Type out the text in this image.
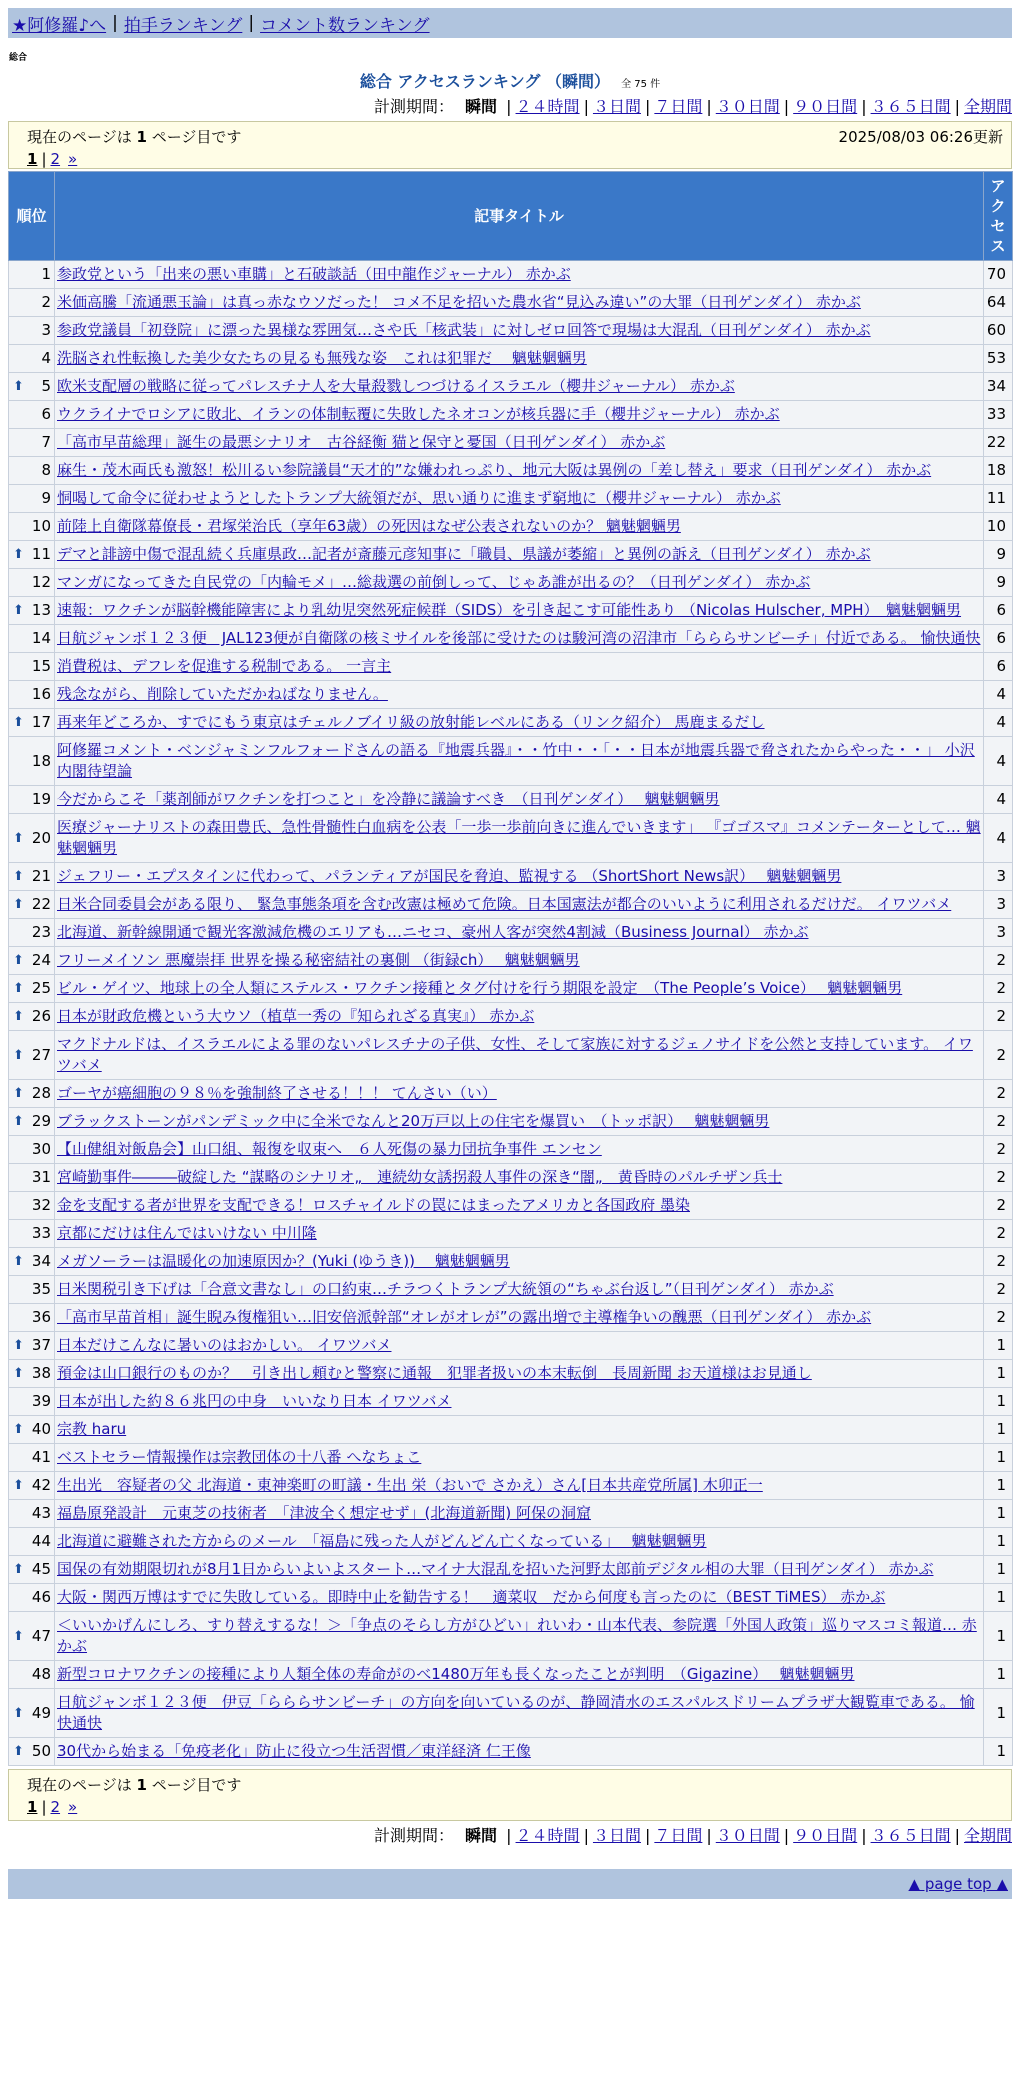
★阿修羅♪へ | 拍手ランキング | コメント数ランキング
総合
総合 アクセスランキング （瞬間） 全 75 件
計測期間： 瞬間 | ２４時間 | ３日間 | ７日間 | ３０日間 | ９０日間 | ３６５日間 | 全期間
現在のページは 1 ページ目です	2025/08/03 06:26更新
1 | 2 »
順位	記事タイトル	アクセス
1	参政党という「出来の悪い車購」と石破談話（田中龍作ジャーナル） 赤かぶ	70
2	米価高騰「流通悪玉論」は真っ赤なウソだった！ コメ不足を招いた農水省“見込み違い”の大罪（日刊ゲンダイ） 赤かぶ	64
3	参政党議員「初登院」に漂った異様な雰囲気…さや氏「核武装」に対しゼロ回答で現場は大混乱（日刊ゲンダイ） 赤かぶ	60
4	洗脳され性転換した美少女たちの見るも無残な姿　これは犯罪だ　 魑魅魍魎男	53

⬆ 5	欧米支配層の戦略に従ってパレスチナ人を大量殺戮しつづけるイスラエル（櫻井ジャーナル） 赤かぶ	34
6	ウクライナでロシアに敗北、イランの体制転覆に失敗したネオコンが核兵器に手（櫻井ジャーナル） 赤かぶ	33
7	「高市早苗総理」誕生の最悪シナリオ　古谷経衡 猫と保守と憂国（日刊ゲンダイ） 赤かぶ	22
8	麻生・茂木両氏も激怒！松川るい参院議員“天才的”な嫌われっぷり、地元大阪は異例の「差し替え」要求（日刊ゲンダイ） 赤かぶ	18
9	恫喝して命令に従わせようとしたトランプ大統領だが、思い通りに進まず窮地に（櫻井ジャーナル） 赤かぶ	11
10	前陸上自衛隊幕僚長・君塚栄治氏（享年63歳）の死因はなぜ公表されないのか？ 魑魅魍魎男	10

⬆ 11	デマと誹謗中傷で混乱続く兵庫県政…記者が斎藤元彦知事に「職員、県議が萎縮」と異例の訴え（日刊ゲンダイ） 赤かぶ	9
12	マンガになってきた自民党の「内輪モメ」…総裁選の前倒しって、じゃあ誰が出るの？（日刊ゲンダイ） 赤かぶ	9

⬆ 13	速報：ワクチンが脳幹機能障害により乳幼児突然死症候群（SIDS）を引き起こす可能性あり （Nicolas Hulscher, MPH）　魑魅魍魎男	6
14	日航ジャンボ１２３便　JAL123便が自衛隊の核ミサイルを後部に受けたのは駿河湾の沼津市「らららサンビーチ」付近である。 愉快通快	6
15	消費税は、デフレを促進する税制である。 一言主	6
16	残念ながら、削除していただかねばなりません。	4

⬆ 17	再来年どころか、すでにもう東京はチェルノブイリ級の放射能レベルにある（リンク紹介） 馬鹿まるだし	4
18	阿修羅コメント・ベンジャミンフルフォードさんの語る『地震兵器』・・竹中・・「・・日本が地震兵器で脅されたからやった・・」 小沢内閣待望論	4
19	今だからこそ「薬剤師がワクチンを打つこと」を冷静に議論すべき　（日刊ゲンダイ）　 魑魅魍魎男	4

⬆ 20	医療ジャーナリストの森田豊氏、急性骨髄性白血病を公表「一歩一歩前向きに進んでいきます」 『ゴゴスマ』コメンテーターとして… 魑魅魍魎男	4

⬆ 21	ジェフリー・エプスタインに代わって、パランティアが国民を脅迫、監視する （ShortShort News訳）　 魑魅魍魎男	3

⬆ 22	日米合同委員会がある限り、 緊急事態条項を含む改憲は極めて危険。日本国憲法が都合のいいように利用されるだけだ。 イワツバメ	3
23	北海道、新幹線開通で観光客激減危機のエリアも…ニセコ、豪州人客が突然4割減（Business Journal） 赤かぶ	3

⬆ 24	フリーメイソン 悪魔崇拝 世界を操る秘密結社の裏側 （街録ch）　 魑魅魍魎男	2

⬆ 25	ビル・ゲイツ、地球上の全人類にステルス・ワクチン接種とタグ付けを行う期限を設定　（The People’s Voice）　 魑魅魍魎男	2

⬆ 26	日本が財政危機という大ウソ（植草一秀の『知られざる真実』） 赤かぶ	2

⬆ 27	マクドナルドは、イスラエルによる罪のないパレスチナの子供、女性、そして家族に対するジェノサイドを公然と支持しています。 イワツバメ	2

⬆ 28	ゴーヤが癌細胞の９８％を強制終了させる！！！ てんさい（い）	2

⬆ 29	ブラックストーンがパンデミック中に全米でなんと20万戸以上の住宅を爆買い　（トッポ訳）　 魑魅魍魎男	2
30	【山健組対飯島会】山口組、報復を収束へ　６人死傷の暴力団抗争事件 エンセン	2
31	宮崎勤事件―――破綻した “謀略のシナリオ„　連続幼女誘拐殺人事件の深き“闇„　黄昏時のパルチザン兵士	2
32	金を支配する者が世界を支配できる！ロスチャイルドの罠にはまったアメリカと各国政府 墨染	2
33	京都にだけは住んではいけない 中川隆	2

⬆ 34	メガソーラーは温暖化の加速原因か？(Yuki (ゆうき))　 魑魅魍魎男	2
35	日米関税引き下げは「合意文書なし」の口約束…チラつくトランプ大統領の“ちゃぶ台返し”（日刊ゲンダイ） 赤かぶ	2
36	「高市早苗首相」誕生睨み復権狙い…旧安倍派幹部“オレがオレが”の露出増で主導権争いの醜悪（日刊ゲンダイ） 赤かぶ	2

⬆ 37	日本だけこんなに暑いのはおかしい。 イワツバメ	1

⬆ 38	預金は山口銀行のものか？　引き出し頼むと警察に通報　犯罪者扱いの本末転倒　長周新聞 お天道様はお見通し	1
39	日本が出した約８６兆円の中身　いいなり日本 イワツバメ	1

⬆ 40	宗教 haru	1
41	ベストセラー情報操作は宗教団体の十八番 へなちょこ	1

⬆ 42	生出光　容疑者の父 北海道・東神楽町の町議・生出 栄（おいで さかえ）さん[日本共産党所属] 木卯正一	1
43	福島原発設計　元東芝の技術者　「津波全く想定せず」(北海道新聞) 阿保の洞窟	1
44	北海道に避難された方からのメール　「福島に残った人がどんどん亡くなっている」　 魑魅魍魎男	1

⬆ 45	国保の有効期限切れが8月1日からいよいよスタート…マイナ大混乱を招いた河野太郎前デジタル相の大罪（日刊ゲンダイ） 赤かぶ	1
46	大阪・関西万博はすでに失敗している。即時中止を勧告する！　適菜収　だから何度も言ったのに（BEST TiMES） 赤かぶ	1

⬆ 47	＜いいかげんにしろ、すり替えするな！＞「争点のそらし方がひどい」れいわ・山本代表、参院選「外国人政策」巡りマスコミ報道… 赤かぶ	1
48	新型コロナワクチンの接種により人類全体の寿命がのべ1480万年も長くなったことが判明　（Gigazine）　 魑魅魍魎男	1

⬆ 49	日航ジャンボ１２３便　伊豆「らららサンビーチ」の方向を向いているのが、静岡清水のエスパルスドリームプラザ大観覧車である。 愉快通快	1

⬆ 50	30代から始まる「免疫老化」防止に役立つ生活習慣／東洋経済 仁王像	1
現在のページは 1 ページ目です
1 | 2 »
計測期間： 瞬間 | ２４時間 | ３日間 | ７日間 | ３０日間 | ９０日間 | ３６５日間 | 全期間
▲ page top ▲
